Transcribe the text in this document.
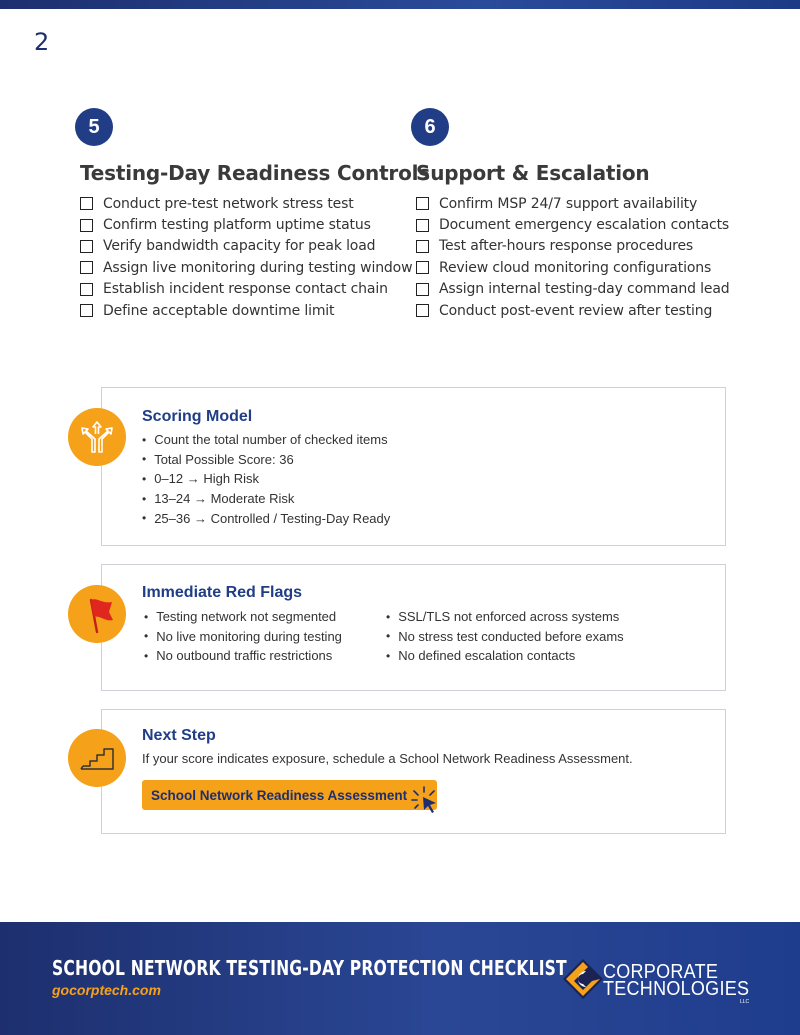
2
5
Testing-Day Readiness Controls
Conduct pre-test network stress test
Confirm testing platform uptime status
Verify bandwidth capacity for peak load
Assign live monitoring during testing window
Establish incident response contact chain
Define acceptable downtime limit
6
Support & Escalation
Confirm MSP 24/7 support availability
Document emergency escalation contacts
Test after-hours response procedures
Review cloud monitoring configurations
Assign internal testing-day command lead
Conduct post-event review after testing
Scoring Model
• Count the total number of checked items
• Total Possible Score: 36
• 0–12 → High Risk
• 13–24 → Moderate Risk
• 25–36 → Controlled / Testing-Day Ready
Immediate Red Flags
• Testing network not segmented
• No live monitoring during testing
• No outbound traffic restrictions
• SSL/TLS not enforced across systems
• No stress test conducted before exams
• No defined escalation contacts
Next Step
If your score indicates exposure, schedule a School Network Readiness Assessment.
School Network Readiness Assessment
SCHOOL NETWORK TESTING-DAY PROTECTION CHECKLIST
gocorptech.com
CORPORATE
TECHNOLOGIES
LLC
